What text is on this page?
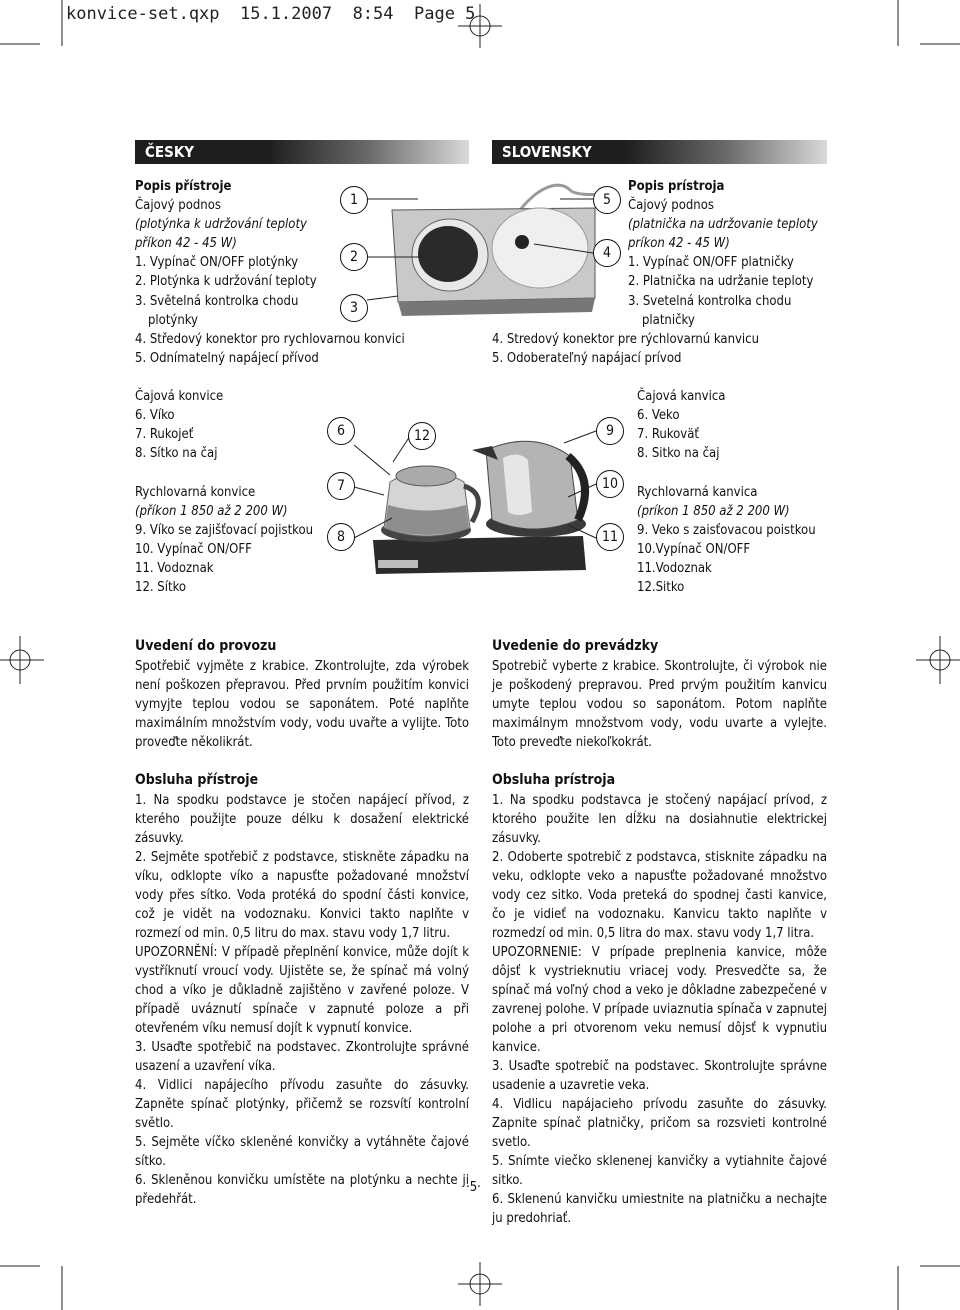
konvice-set.qxp  15.1.2007  8:54  Page 5
ČESKY	SLOVENSKY
Popis přístroje
Čajový podnos
(plotýnka k udržování teploty
příkon 42 - 45 W)
1. Vypínač ON/OFF plotýnky
2. Plotýnka k udržování teploty
3. Světelná kontrolka chodu
plotýnky
4. Středový konektor pro rychlovarnou konvici
5. Odnímatelný napájecí přívod
Popis prístroja
Čajový podnos
(platnička na udržovanie teploty
príkon 42 - 45 W)
1. Vypínač ON/OFF platničky
2. Platnička na udržanie teploty
3. Svetelná kontrolka chodu
platničky
4. Stredový konektor pre rýchlovarnú kanvicu
5. Odoberateľný napájací prívod
1
2
3
4
5
6
7
8
9
10
11
12
Čajová konvice
6. Víko
7. Rukojeť
8. Sítko na čaj
Rychlovarná konvice
(příkon 1 850 až 2 200 W)
9. Víko se zajišťovací pojistkou
10. Vypínač ON/OFF
11. Vodoznak
12. Sítko
Čajová kanvica
6. Veko
7. Rukoväť
8. Sitko na čaj
Rychlovarná kanvica
(príkon 1 850 až 2 200 W)
9. Veko s zaisťovacou poistkou
10.Vypínač ON/OFF
11.Vodoznak
12.Sitko

Uvedení do provozu

Spotřebič vyjměte z krabice. Zkontrolujte, zda výrobek není poškozen přepravou. Před prvním použitím konvici vymyjte teplou vodou se saponátem. Poté naplňte maximálním množstvím vody, vodu uvařte a vylijte. Toto proveďte několikrát.

Obsluha přístroje

1. Na spodku podstavce je stočen napájecí přívod, z kterého použijte pouze délku k dosažení elektrické zásuvky.

2. Sejměte spotřebič z podstavce, stiskněte západku na víku, odklopte víko a napusťte požadované množství vody přes sítko. Voda protéká do spodní části konvice, což je vidět na vodoznaku. Konvici takto naplňte v rozmezí od min. 0,5 litru do max. stavu vody 1,7 litru.

UPOZORNĚNÍ: V případě přeplnění konvice, může dojít k vystříknutí vroucí vody. Ujistěte se, že spínač má volný chod a víko je důkladně zajištěno v zavřené poloze. V případě uváznutí spínače v zapnuté poloze a při otevřeném víku nemusí dojít k vypnutí konvice.

3. Usaďte spotřebič na podstavec. Zkontrolujte správné usazení a uzavření víka.

4. Vidlici napájecího přívodu zasuňte do zásuvky. Zapněte spínač plotýnky, přičemž se rozsvítí kontrolní světlo.

5. Sejměte víčko skleněné konvičky a vytáhněte čajové sítko.

6. Skleněnou konvičku umístěte na plotýnku a nechte ji předehřát.

Uvedenie do prevádzky

Spotrebič vyberte z krabice. Skontrolujte, či výrobok nie je poškodený prepravou. Pred prvým použitím kanvicu umyte teplou vodou so saponátom. Potom naplňte maximálnym množstvom vody, vodu uvarte a vylejte. Toto preveďte niekoľkokrát.

Obsluha prístroja

1. Na spodku podstavca je stočený napájací prívod, z ktorého použite len dĺžku na dosiahnutie elektrickej zásuvky.

2. Odoberte spotrebič z podstavca, stisknite západku na veku, odklopte veko a napusťte požadované množstvo vody cez sitko. Voda preteká do spodnej časti kanvice, čo je vidieť na vodoznaku. Kanvicu takto naplňte v rozmedzí od min. 0,5 litra do max. stavu vody 1,7 litra.

UPOZORNENIE: V prípade preplnenia kanvice, môže dôjsť k vystrieknutiu vriacej vody. Presvedčte sa, že spínač má voľný chod a veko je dôkladne zabezpečené v zavrenej polohe. V prípade uviaznutia spínača v zapnutej polohe a pri otvorenom veku nemusí dôjsť k vypnutiu kanvice.

3. Usaďte spotrebič na podstavec. Skontrolujte správne usadenie a uzavretie veka.

4. Vidlicu napájacieho prívodu zasuňte do zásuvky. Zapnite spínač platničky, pričom sa rozsvieti kontrolné svetlo.

5. Snímte viečko sklenenej kanvičky a vytiahnite čajové sitko.

6. Sklenenú kanvičku umiestnite na platničku a nechajte ju predohriať.

·5·
